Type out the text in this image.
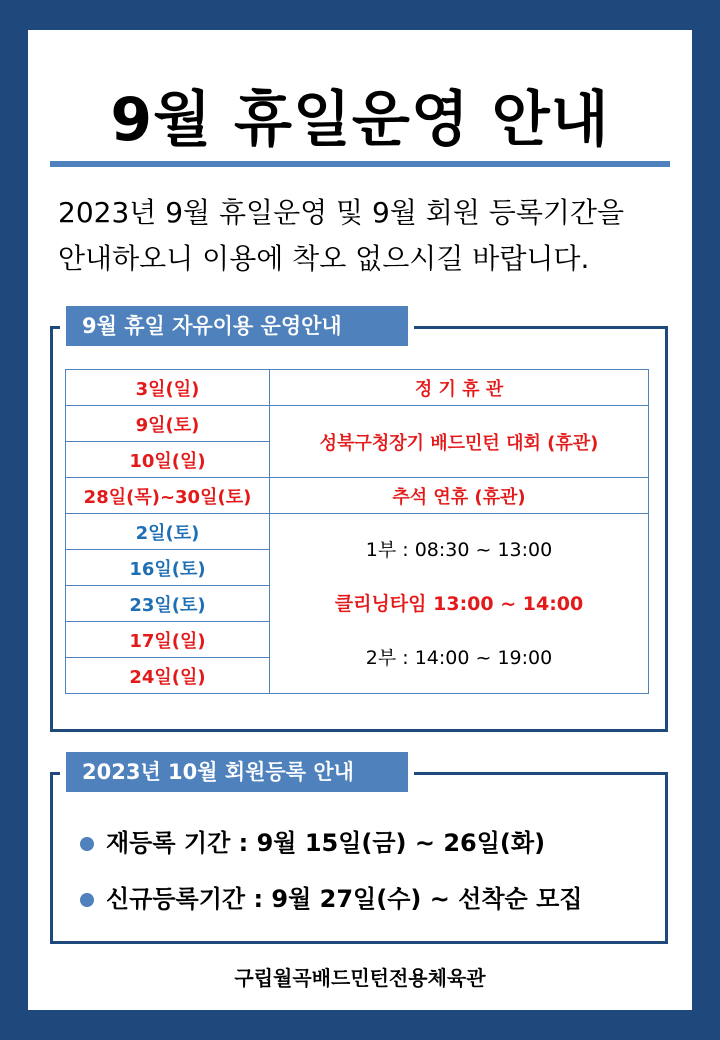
9월 휴일운영 안내
2023년 9월 휴일운영 및 9월 회원 등록기간을
안내하오니 이용에 착오 없으시길 바랍니다.
9월 휴일 자유이용 운영안내
3일(일)	정 기 휴 관
9일(토)	성북구청장기 배드민턴 대회 (휴관)
10일(일)	
28일(목)~30일(토)	추석 연휴 (휴관)
2일(토)	1부 : 08:30 ~ 13:00
클리닝타임 13:00 ~ 14:00
2부 : 14:00 ~ 19:00

16일(토)	
23일(토)	
17일(일)	
24일(일)	
2023년 10월 회원등록 안내
재등록 기간 : 9월 15일(금) ~ 26일(화)
신규등록기간 : 9월 27일(수) ~ 선착순 모집
구립월곡배드민턴전용체육관
